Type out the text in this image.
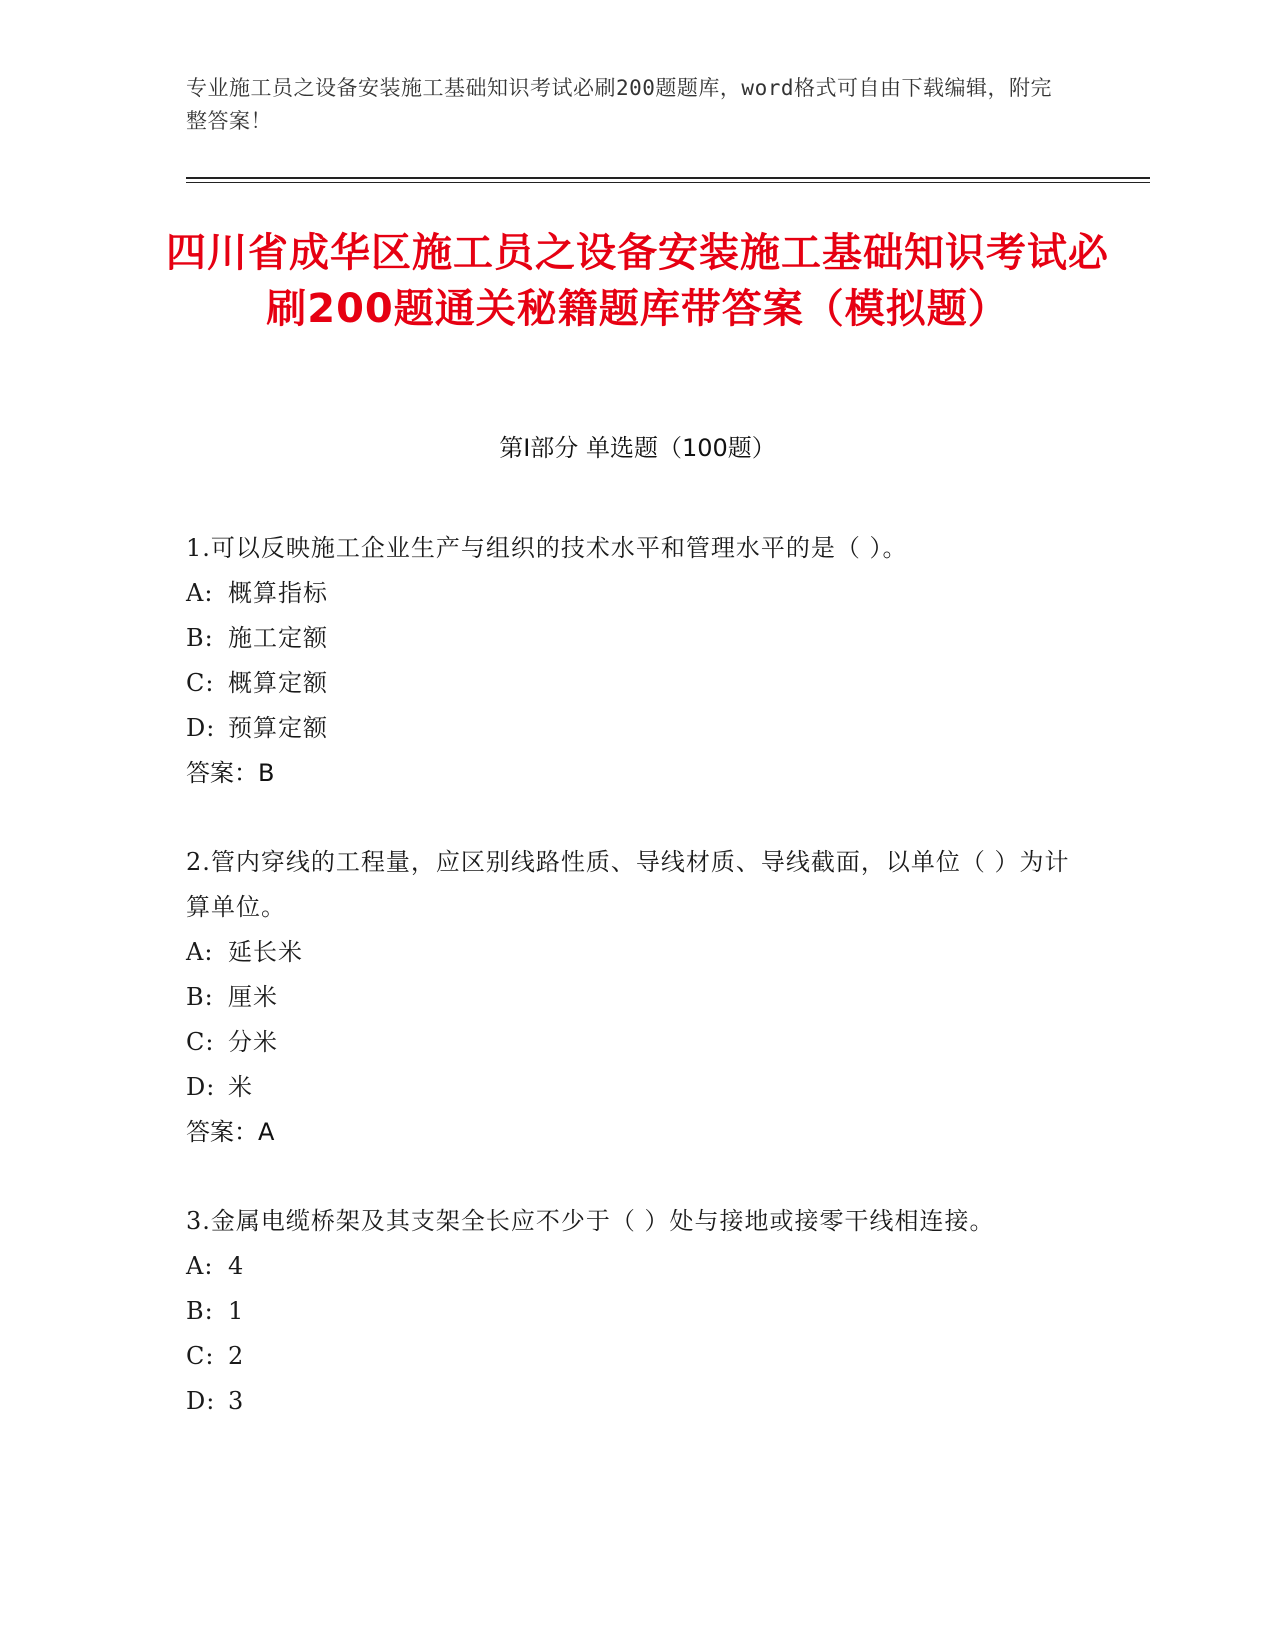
专业施工员之设备安装施工基础知识考试必刷200题题库，word格式可自由下载编辑，附完整答案！
四川省成华区施工员之设备安装施工基础知识考试必刷200题通关秘籍题库带答案（模拟题）
第I部分 单选题（100题）
1.可以反映施工企业生产与组织的技术水平和管理水平的是（ ）。
A: 概算指标
B: 施工定额
C: 概算定额
D: 预算定额
答案：B
2.管内穿线的工程量，应区别线路性质、导线材质、导线截面，以单位（ ）为计算单位。
A: 延长米
B: 厘米
C: 分米
D: 米
答案：A
3.金属电缆桥架及其支架全长应不少于（ ）处与接地或接零干线相连接。
A: 4
B: 1
C: 2
D: 3
